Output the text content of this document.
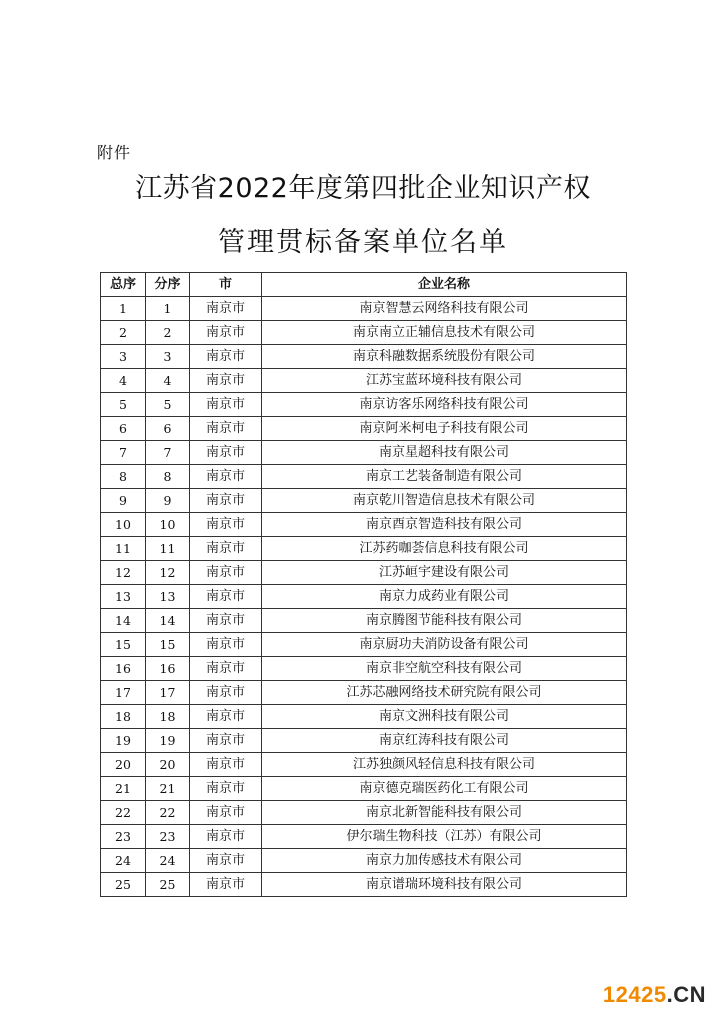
附件
江苏省2022年度第四批企业知识产权
管理贯标备案单位名单
总序	分序	市	企业名称
1	1	南京市	南京智慧云网络科技有限公司
2	2	南京市	南京南立正辅信息技术有限公司
3	3	南京市	南京科融数据系统股份有限公司
4	4	南京市	江苏宝蓝环境科技有限公司
5	5	南京市	南京访客乐网络科技有限公司
6	6	南京市	南京阿米柯电子科技有限公司
7	7	南京市	南京星超科技有限公司
8	8	南京市	南京工艺装备制造有限公司
9	9	南京市	南京乾川智造信息技术有限公司
10	10	南京市	南京酉京智造科技有限公司
11	11	南京市	江苏药咖荟信息科技有限公司
12	12	南京市	江苏峘宇建设有限公司
13	13	南京市	南京力成药业有限公司
14	14	南京市	南京腾图节能科技有限公司
15	15	南京市	南京厨功夫消防设备有限公司
16	16	南京市	南京非空航空科技有限公司
17	17	南京市	江苏芯融网络技术研究院有限公司
18	18	南京市	南京文洲科技有限公司
19	19	南京市	南京红涛科技有限公司
20	20	南京市	江苏独颜风轻信息科技有限公司
21	21	南京市	南京德克瑞医药化工有限公司
22	22	南京市	南京北新智能科技有限公司
23	23	南京市	伊尔瑞生物科技（江苏）有限公司
24	24	南京市	南京力加传感技术有限公司
25	25	南京市	南京谱瑞环境科技有限公司
12425.CN
